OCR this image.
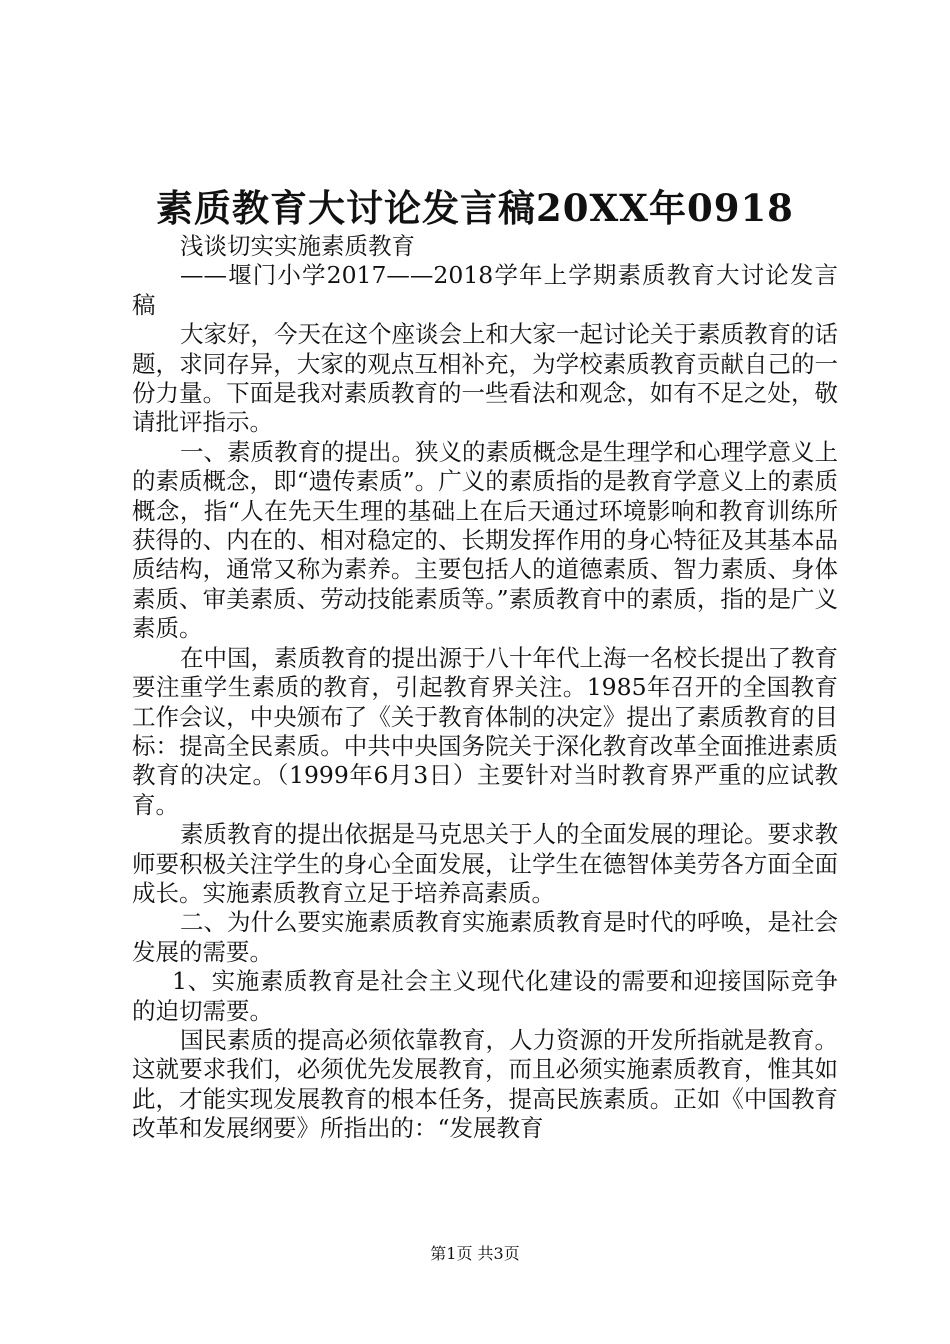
素质教育大讨论发言稿20XX年0918

浅谈切实实施素质教育

——堰门小学2017——2018学年上学期素质教育大讨论发言稿

大家好，今天在这个座谈会上和大家一起讨论关于素质教育的话题，求同存异，大家的观点互相补充，为学校素质教育贡献自己的一份力量。下面是我对素质教育的一些看法和观念，如有不足之处，敬请批评指示。

一、素质教育的提出。狭义的素质概念是生理学和心理学意义上的素质概念，即“遗传素质”。广义的素质指的是教育学意义上的素质概念，指“人在先天生理的基础上在后天通过环境影响和教育训练所获得的、内在的、相对稳定的、长期发挥作用的身心特征及其基本品质结构，通常又称为素养。主要包括人的道德素质、智力素质、身体素质、审美素质、劳动技能素质等。”素质教育中的素质，指的是广义素质。

在中国，素质教育的提出源于八十年代上海一名校长提出了教育要注重学生素质的教育，引起教育界关注。1985年召开的全国教育工作会议，中央颁布了《关于教育体制的决定》提出了素质教育的目标：提高全民素质。中共中央国务院关于深化教育改革全面推进素质教育的决定。（1999年6月3日）主要针对当时教育界严重的应试教育。

素质教育的提出依据是马克思关于人的全面发展的理论。要求教师要积极关注学生的身心全面发展，让学生在德智体美劳各方面全面成长。实施素质教育立足于培养高素质。

二、为什么要实施素质教育实施素质教育是时代的呼唤，是社会发展的需要。

1、实施素质教育是社会主义现代化建设的需要和迎接国际竞争的迫切需要。

国民素质的提高必须依靠教育，人力资源的开发所指就是教育。这就要求我们，必须优先发展教育，而且必须实施素质教育，惟其如此，才能实现发展教育的根本任务，提高民族素质。正如《中国教育改革和发展纲要》所指出的：“发展教育

第1页 共3页
